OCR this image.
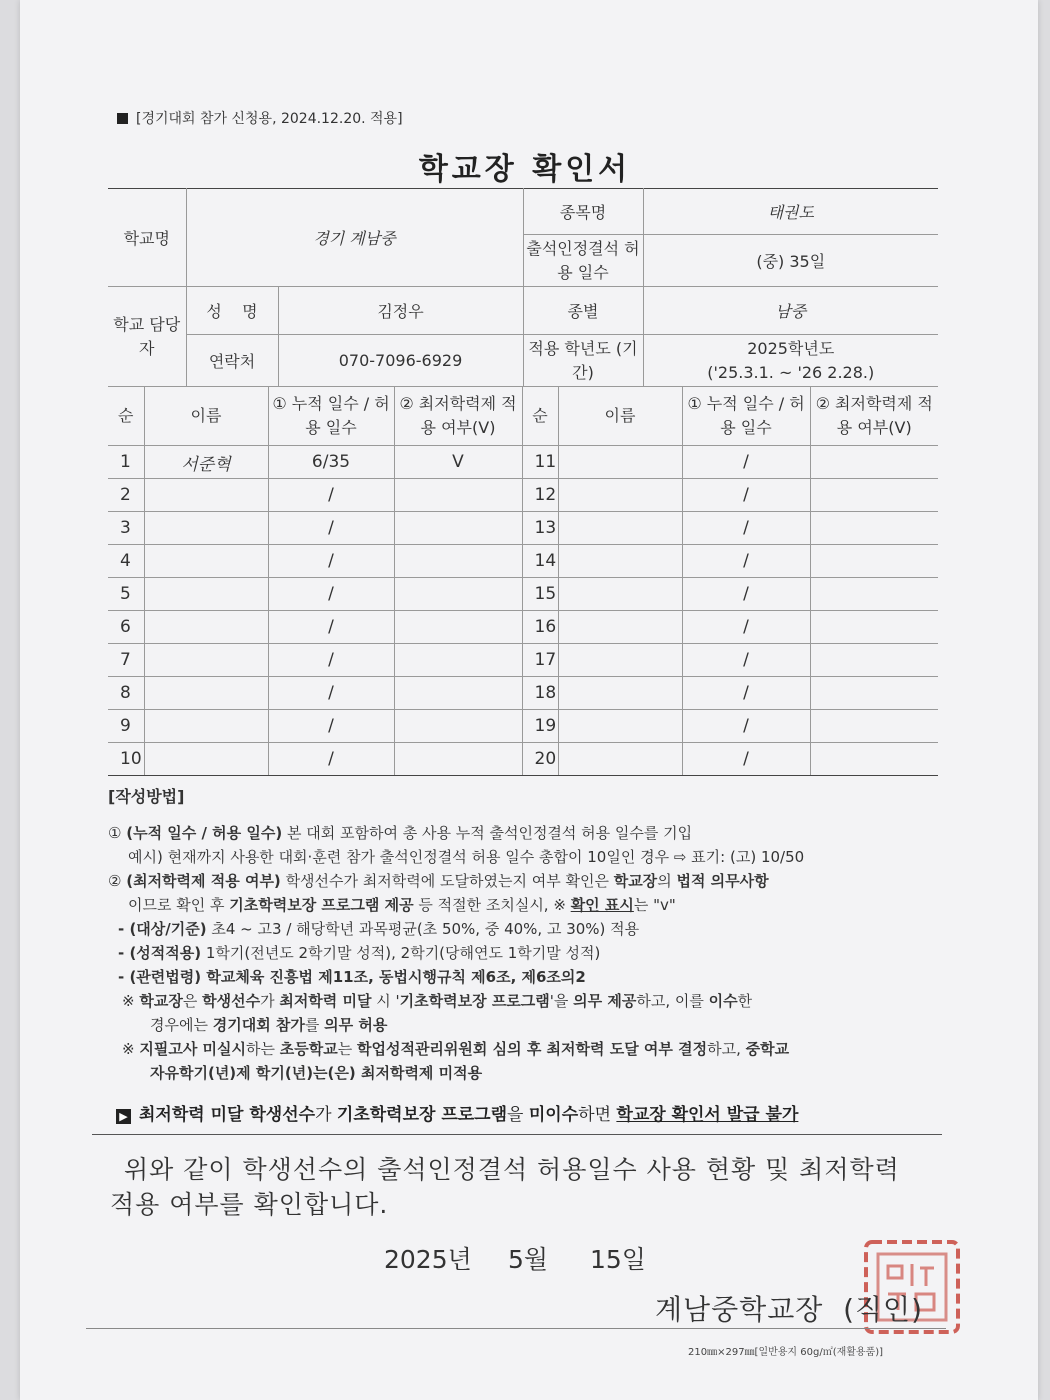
[경기대회 참가 신청용, 2024.12.20. 적용]
학교장 확인서
학교명	경기 계남중		종목명	태권도
			출석인정결석 허용 일수	(중) 35일
학교 담당자	성    명	김정우	종별	남중
	연락처	070-7096-6929	적용 학년도 (기간)	2025학년도
('25.3.1. ~ '26 2.28.)
순	이름	① 누적 일수 / 허용 일수	② 최저학력제 적용 여부(V)	순	이름	① 누적 일수 / 허용 일수	② 최저학력제 적용 여부(V)
1	서준혁	6/35	V	11		/	
2		/		12		/	
3		/		13		/	
4		/		14		/	
5		/		15		/	
6		/		16		/	
7		/		17		/	
8		/		18		/	
9		/		19		/	
10		/		20		/	
[작성방법]
① (누적 일수 / 허용 일수) 본 대회 포함하여 총 사용 누적 출석인정결석 허용 일수를 기입
예시) 현재까지 사용한 대회·훈련 참가 출석인정결석 허용 일수 총합이 10일인 경우 ⇨ 표기: (고) 10/50
② (최저학력제 적용 여부) 학생선수가 최저학력에 도달하였는지 여부 확인은 학교장의 법적 의무사항
이므로 확인 후 기초학력보장 프로그램 제공 등 적절한 조치실시, ※ 확인 표시는 "v"
- (대상/기준) 초4 ~ 고3 / 해당학년 과목평균(초 50%, 중 40%, 고 30%) 적용
- (성적적용) 1학기(전년도 2학기말 성적), 2학기(당해연도 1학기말 성적)
- (관련법령) 학교체육 진흥법 제11조, 동법시행규칙 제6조, 제6조의2
※ 학교장은 학생선수가 최저학력 미달 시 '기초학력보장 프로그램'을 의무 제공하고, 이를 이수한
경우에는 경기대회 참가를 의무 허용
※ 지필고사 미실시하는 초등학교는 학업성적관리위원회 심의 후 최저학력 도달 여부 결정하고, 중학교
자유학기(년)제 학기(년)는(은) 최저학력제 미적용
▶ 최저학력 미달 학생선수가 기초학력보장 프로그램을 미이수하면 학교장 확인서 발급 불가
위와 같이 학생선수의 출석인정결석 허용일수 사용 현황 및 최저학력
적용 여부를 확인합니다.
2025년 5월 15일
계남중학교장  (직인)
210㎜×297㎜[일반용지 60g/㎡(재활용품)]
